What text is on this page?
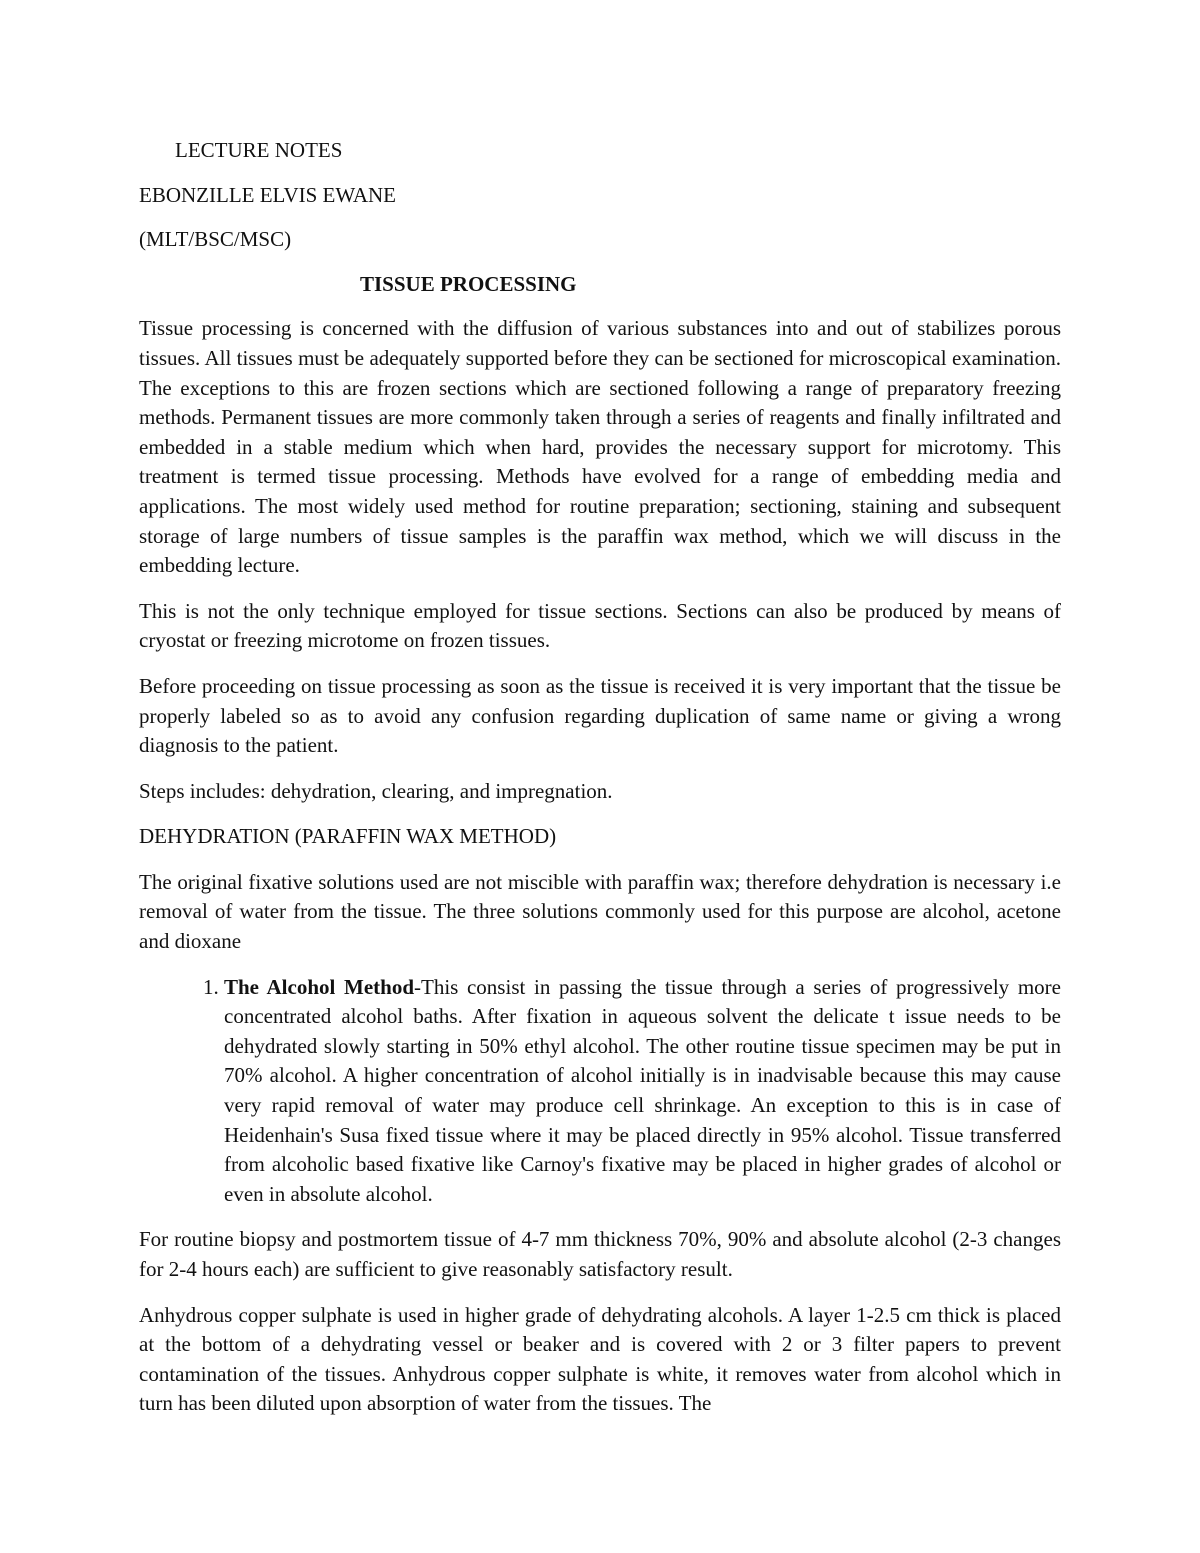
LECTURE NOTES

EBONZILLE ELVIS EWANE

(MLT/BSC/MSC)

TISSUE PROCESSING

Tissue processing is concerned with the diffusion of various substances into and out of stabilizes porous tissues. All tissues must be adequately supported before they can be sectioned for microscopical examination. The exceptions to this are frozen sections which are sectioned following a range of preparatory freezing methods. Permanent tissues are more commonly taken through a series of reagents and finally infiltrated and embedded in a stable medium which when hard, provides the necessary support for microtomy. This treatment is termed tissue processing. Methods have evolved for a range of embedding media and applications. The most widely used method for routine preparation; sectioning, staining and subsequent storage of large numbers of tissue samples is the paraffin wax method, which we will discuss in the embedding lecture.

This is not the only technique employed for tissue sections. Sections can also be produced by means of cryostat or freezing microtome on frozen tissues.

Before proceeding on tissue processing as soon as the tissue is received it is very important that the tissue be properly labeled so as to avoid any confusion regarding duplication of same name or giving a wrong diagnosis to the patient.

Steps includes: dehydration, clearing, and impregnation.

DEHYDRATION (PARAFFIN WAX METHOD)

The original fixative solutions used are not miscible with paraffin wax; therefore dehydration is necessary i.e removal of water from the tissue. The three solutions commonly used for this purpose are alcohol, acetone and dioxane

1. The Alcohol Method-This consist in passing the tissue through a series of progressively more concentrated alcohol baths. After fixation in aqueous solvent the delicate t issue needs to be dehydrated slowly starting in 50% ethyl alcohol. The other routine tissue specimen may be put in 70% alcohol. A higher concentration of alcohol initially is in inadvisable because this may cause very rapid removal of water may produce cell shrinkage. An exception to this is in case of Heidenhain's Susa fixed tissue where it may be placed directly in 95% alcohol. Tissue transferred from alcoholic based fixative like Carnoy's fixative may be placed in higher grades of alcohol or even in absolute alcohol.

For routine biopsy and postmortem tissue of 4-7 mm thickness 70%, 90% and absolute alcohol (2-3 changes for 2-4 hours each) are sufficient to give reasonably satisfactory result.

Anhydrous copper sulphate is used in higher grade of dehydrating alcohols. A layer 1-2.5 cm thick is placed at the bottom of a dehydrating vessel or beaker and is covered with 2 or 3 filter papers to prevent contamination of the tissues. Anhydrous copper sulphate is white, it removes water from alcohol which in turn has been diluted upon absorption of water from the tissues. The
